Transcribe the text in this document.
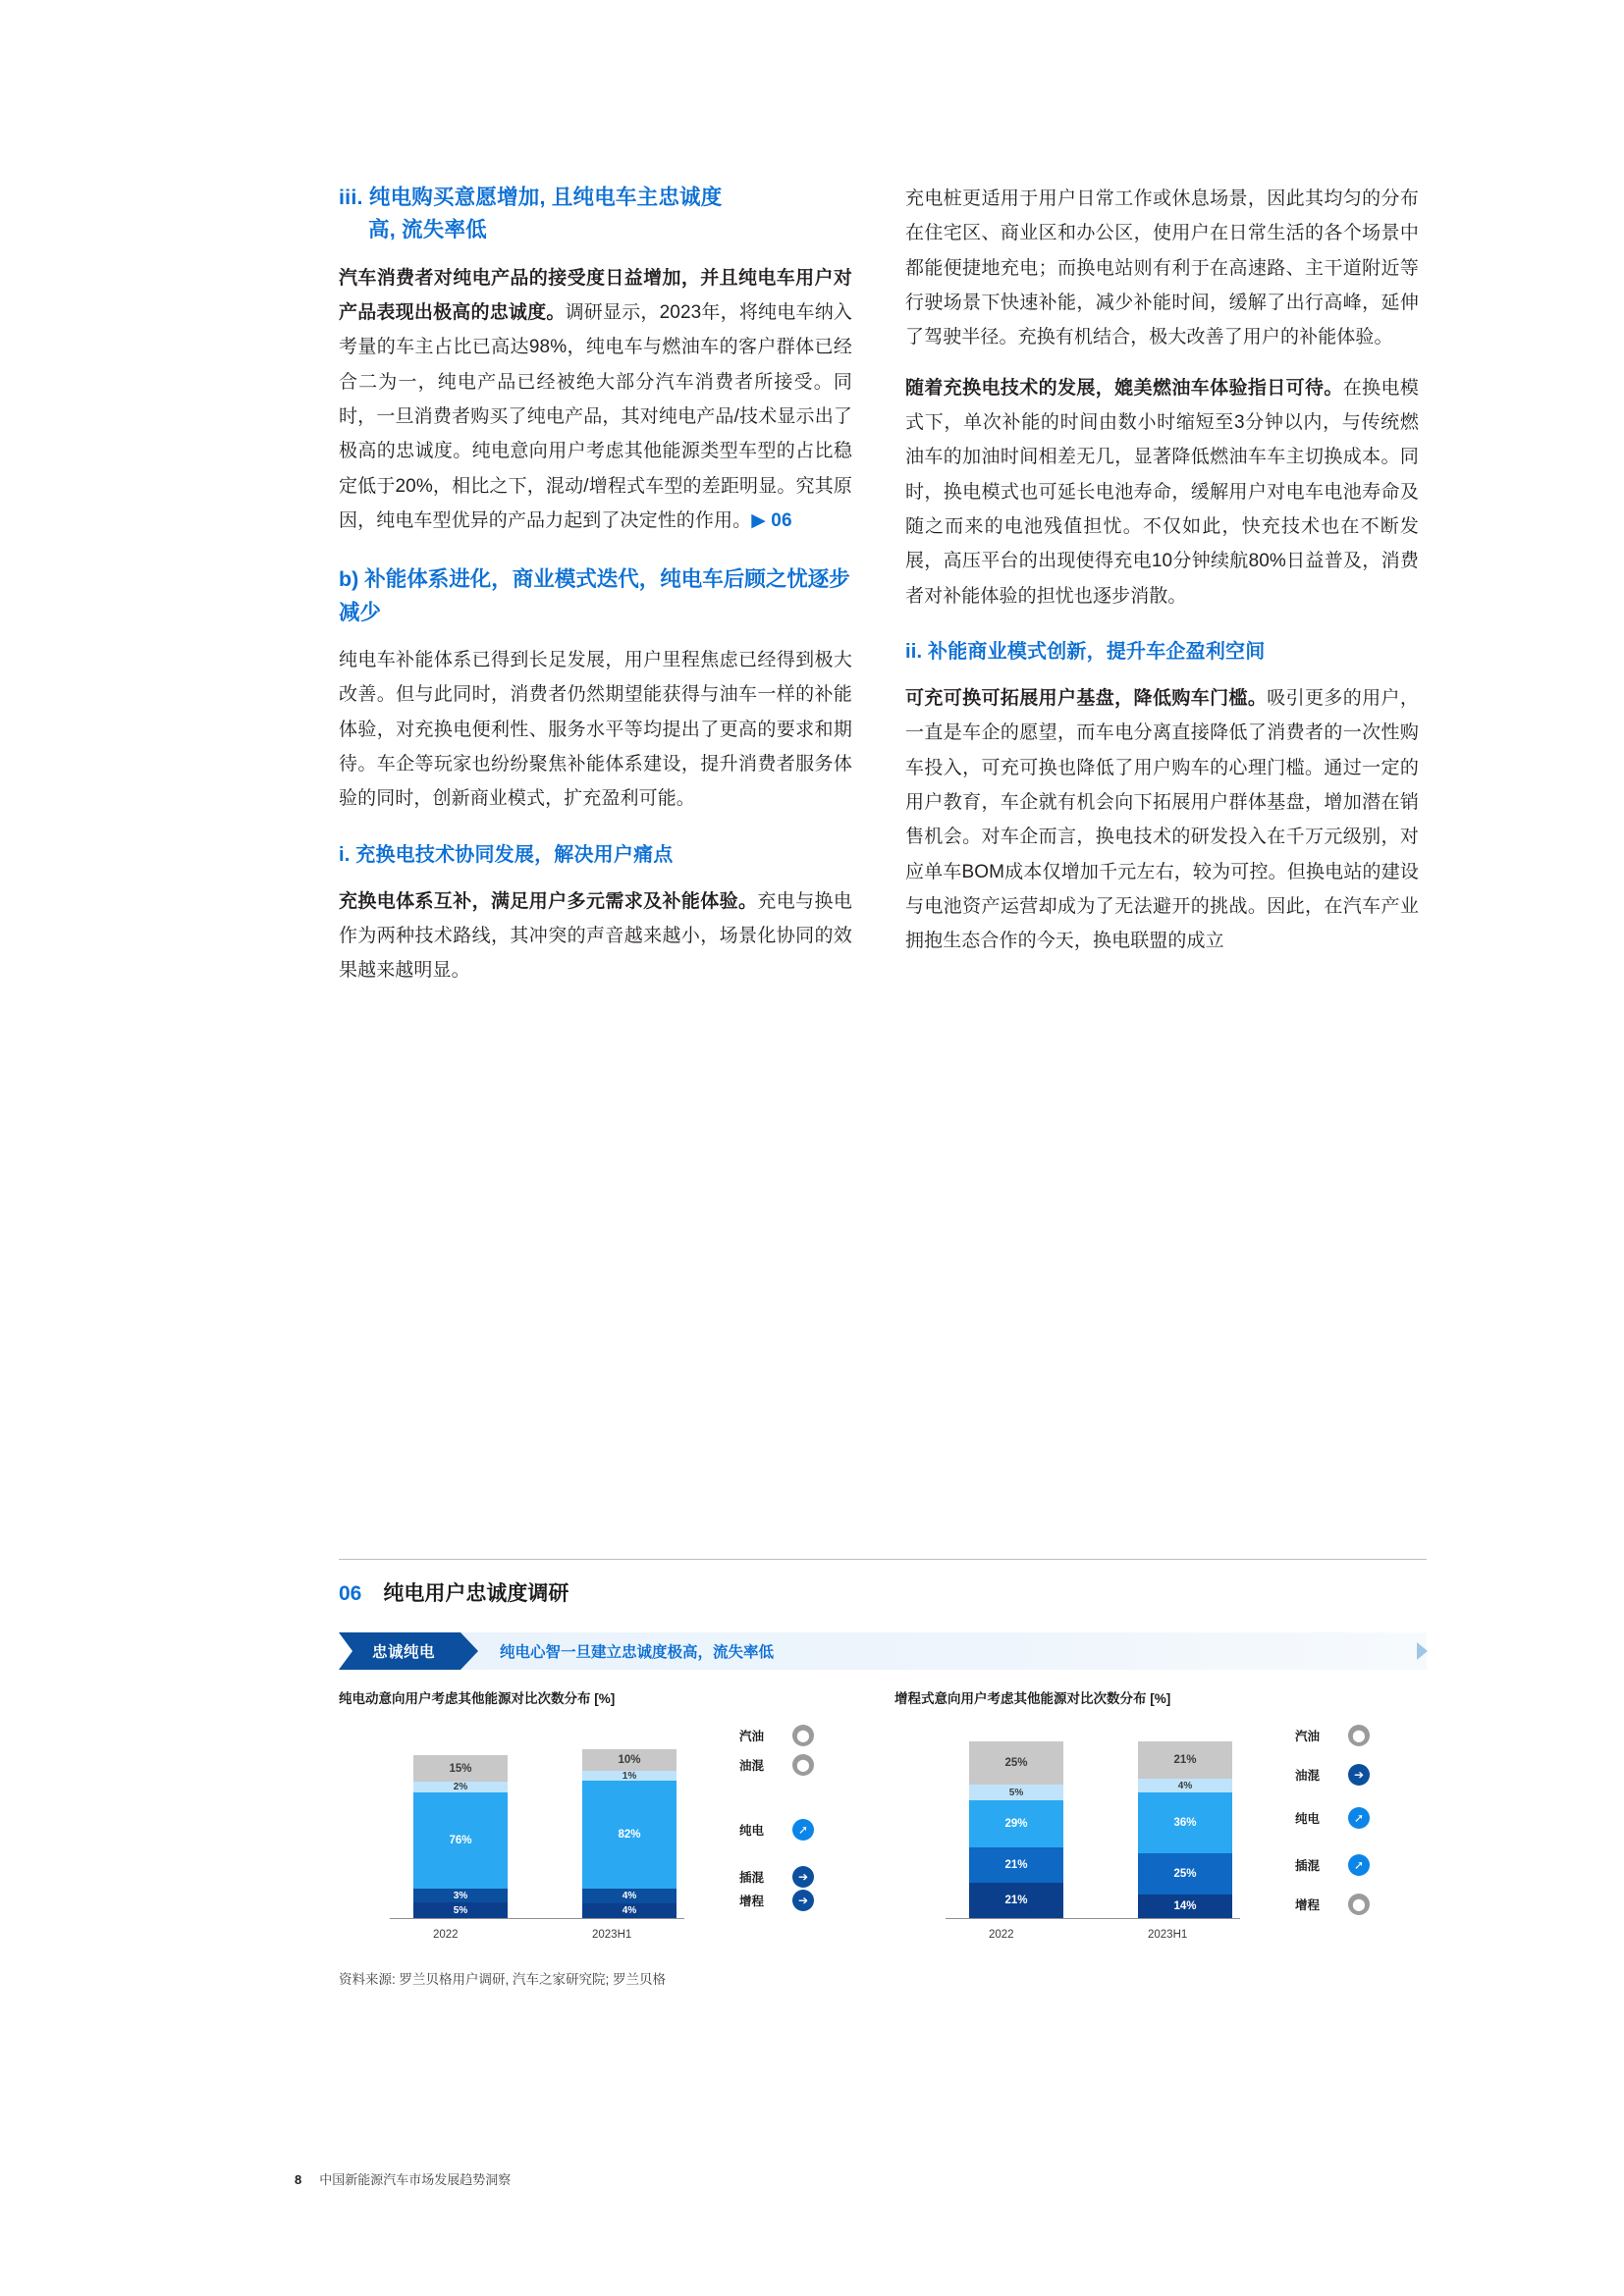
iii. 纯电购买意愿增加, 且纯电车主忠诚度
高, 流失率低

汽车消费者对纯电产品的接受度日益增加，并且纯电车用户对产品表现出极高的忠诚度。调研显示，2023年，将纯电车纳入考量的车主占比已高达98%，纯电车与燃油车的客户群体已经合二为一，纯电产品已经被绝大部分汽车消费者所接受。同时，一旦消费者购买了纯电产品，其对纯电产品/技术显示出了极高的忠诚度。纯电意向用户考虑其他能源类型车型的占比稳定低于20%，相比之下，混动/增程式车型的差距明显。究其原因，纯电车型优异的产品力起到了决定性的作用。▶ 06

b) 补能体系进化，商业模式迭代，纯电车后顾之忧逐步减少

纯电车补能体系已得到长足发展，用户里程焦虑已经得到极大改善。但与此同时，消费者仍然期望能获得与油车一样的补能体验，对充换电便利性、服务水平等均提出了更高的要求和期待。车企等玩家也纷纷聚焦补能体系建设，提升消费者服务体验的同时，创新商业模式，扩充盈利可能。

i. 充换电技术协同发展，解决用户痛点

充换电体系互补，满足用户多元需求及补能体验。充电与换电作为两种技术路线，其冲突的声音越来越小，场景化协同的效果越来越明显。

充电桩更适用于用户日常工作或休息场景，因此其均匀的分布在住宅区、商业区和办公区，使用户在日常生活的各个场景中都能便捷地充电；而换电站则有利于在高速路、主干道附近等行驶场景下快速补能，减少补能时间，缓解了出行高峰，延伸了驾驶半径。充换有机结合，极大改善了用户的补能体验。

随着充换电技术的发展，媲美燃油车体验指日可待。在换电模式下，单次补能的时间由数小时缩短至3分钟以内，与传统燃油车的加油时间相差无几，显著降低燃油车车主切换成本。同时，换电模式也可延长电池寿命，缓解用户对电车电池寿命及随之而来的电池残值担忧。不仅如此，快充技术也在不断发展，高压平台的出现使得充电10分钟续航80%日益普及，消费者对补能体验的担忧也逐步消散。

ii. 补能商业模式创新，提升车企盈利空间

可充可换可拓展用户基盘，降低购车门槛。吸引更多的用户，一直是车企的愿望，而车电分离直接降低了消费者的一次性购车投入，可充可换也降低了用户购车的心理门槛。通过一定的用户教育，车企就有机会向下拓展用户群体基盘，增加潜在销售机会。对车企而言，换电技术的研发投入在千万元级别，对应单车BOM成本仅增加千元左右，较为可控。但换电站的建设与电池资产运营却成为了无法避开的挑战。因此，在汽车产业拥抱生态合作的今天，换电联盟的成立

06 纯电用户忠诚度调研
忠诚纯电	纯电心智一旦建立忠诚度极高，流失率低
纯电动意向用户考虑其他能源对比次数分布 [%]
15%
2%
76%
3%
5%
10%
1%
82%
4%
4%
2022	2023H1
汽油	⬤
油混	⬤
纯电	➚
插混	➔
增程	➔
增程式意向用户考虑其他能源对比次数分布 [%]
25%
5%
29%
21%
21%
21%
4%
36%
25%
14%
2022	2023H1
汽油	⬤
油混	➔
纯电	➚
插混	➚
增程	⬤
资料来源: 罗兰贝格用户调研, 汽车之家研究院; 罗兰贝格
8 中国新能源汽车市场发展趋势洞察
